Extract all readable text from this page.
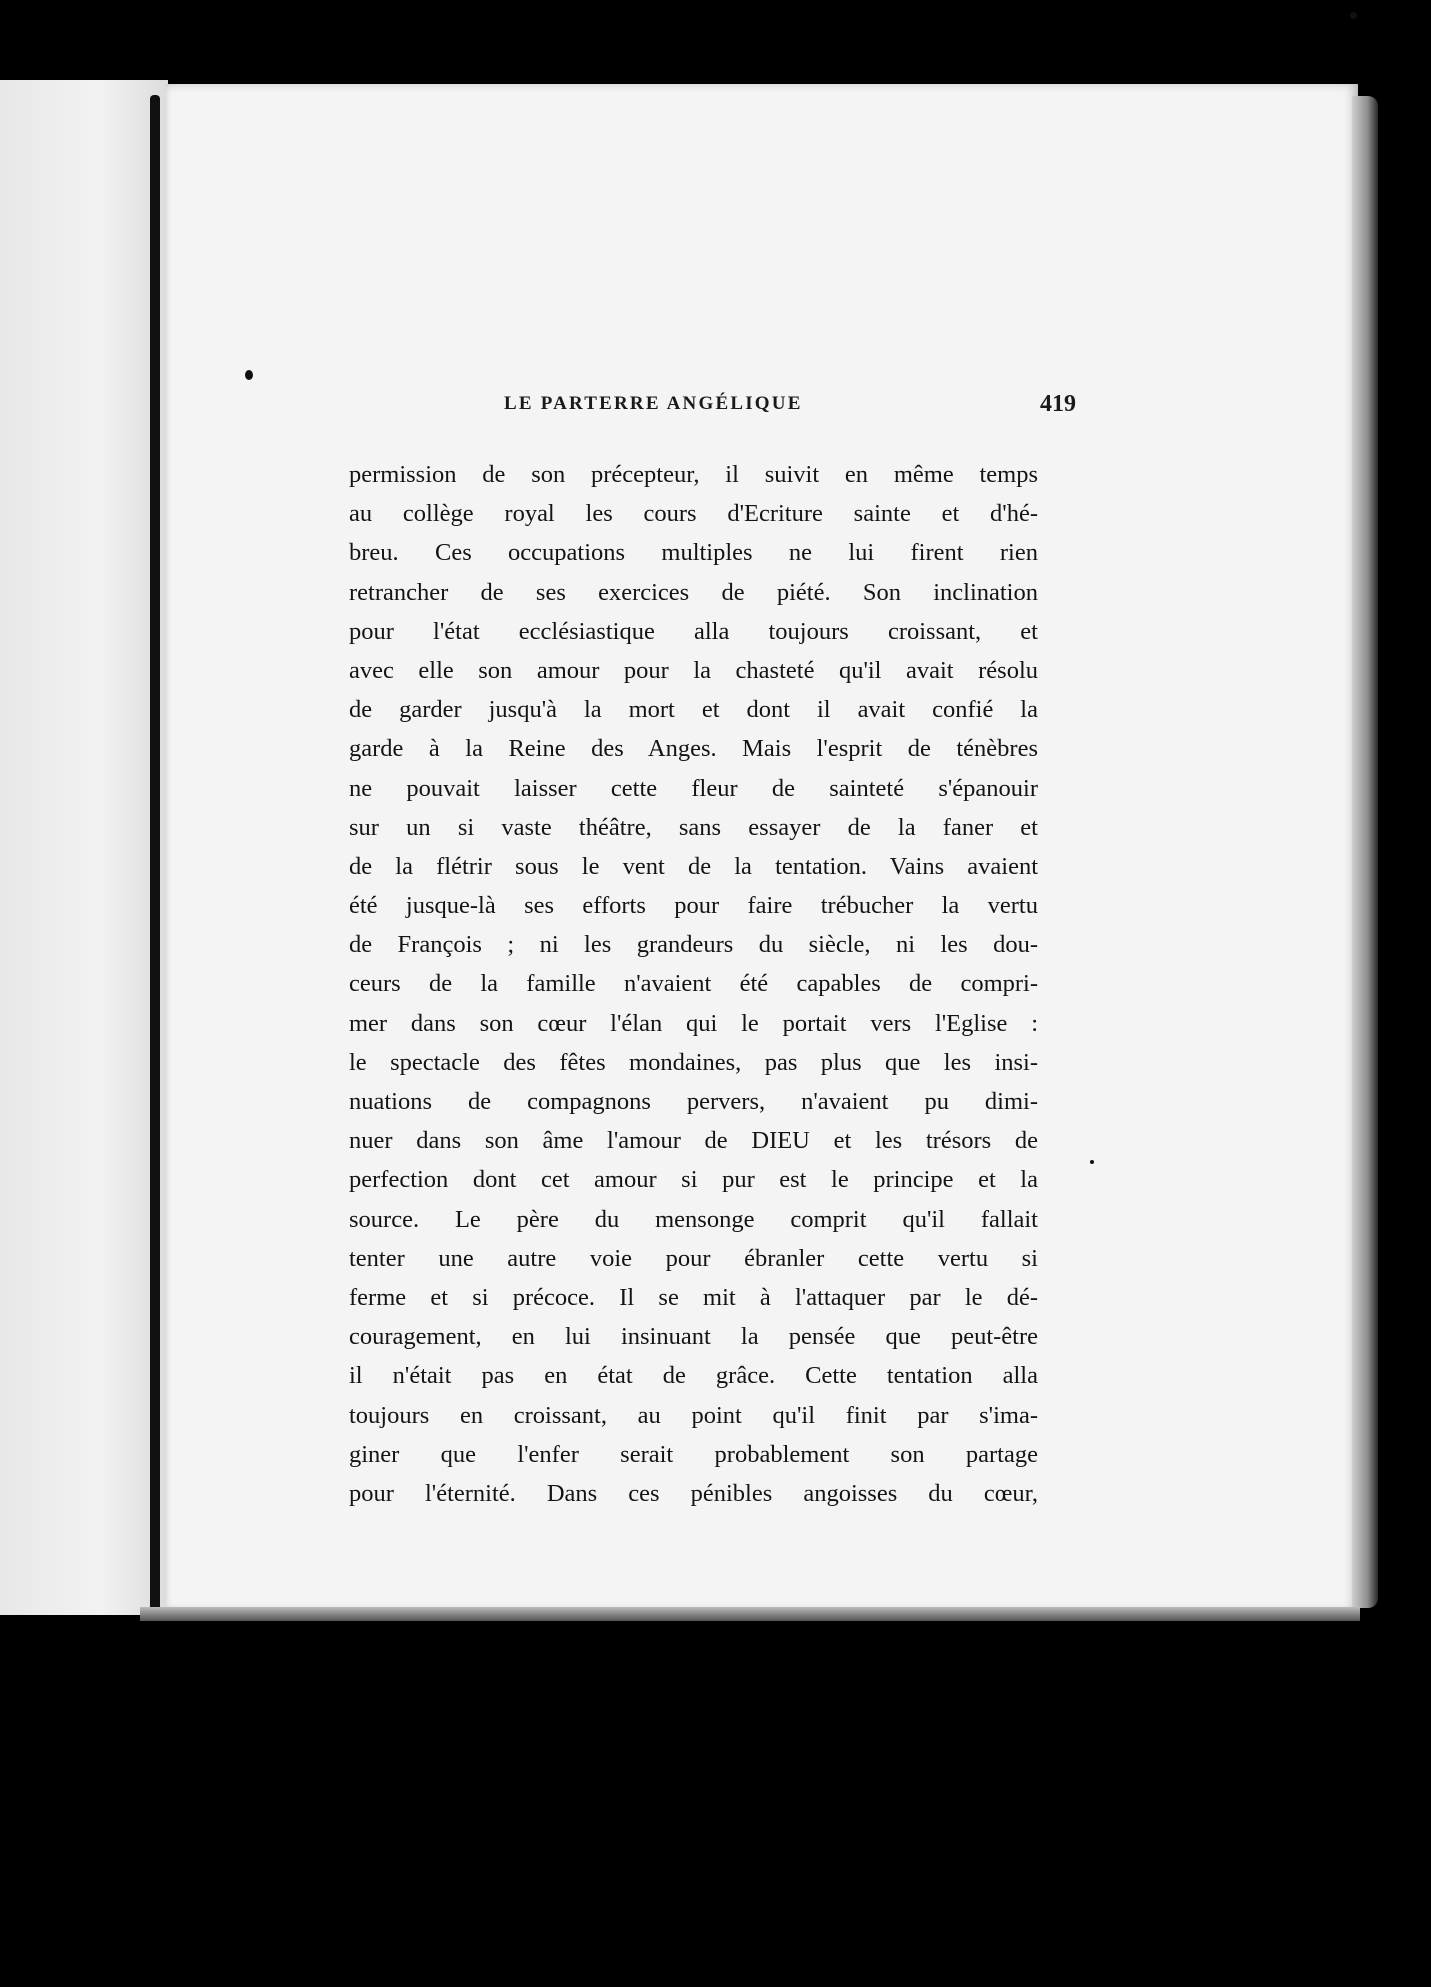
LE PARTERRE ANGÉLIQUE	419
permission de son précepteur, il suivit en même temps
au collège royal les cours d'Ecriture sainte et d'hé-
breu. Ces occupations multiples ne lui firent rien
retrancher de ses exercices de piété. Son inclination
pour l'état ecclésiastique alla toujours croissant, et
avec elle son amour pour la chasteté qu'il avait résolu
de garder jusqu'à la mort et dont il avait confié la
garde à la Reine des Anges. Mais l'esprit de ténèbres
ne pouvait laisser cette fleur de sainteté s'épanouir
sur un si vaste théâtre, sans essayer de la faner et
de la flétrir sous le vent de la tentation. Vains avaient
été jusque-là ses efforts pour faire trébucher la vertu
de François ; ni les grandeurs du siècle, ni les dou-
ceurs de la famille n'avaient été capables de compri-
mer dans son cœur l'élan qui le portait vers l'Eglise :
le spectacle des fêtes mondaines, pas plus que les insi-
nuations de compagnons pervers, n'avaient pu dimi-
nuer dans son âme l'amour de DIEU et les trésors de
perfection dont cet amour si pur est le principe et la
source. Le père du mensonge comprit qu'il fallait
tenter une autre voie pour ébranler cette vertu si
ferme et si précoce. Il se mit à l'attaquer par le dé-
couragement, en lui insinuant la pensée que peut-être
il n'était pas en état de grâce. Cette tentation alla
toujours en croissant, au point qu'il finit par s'ima-
giner que l'enfer serait probablement son partage
pour l'éternité. Dans ces pénibles angoisses du cœur,
